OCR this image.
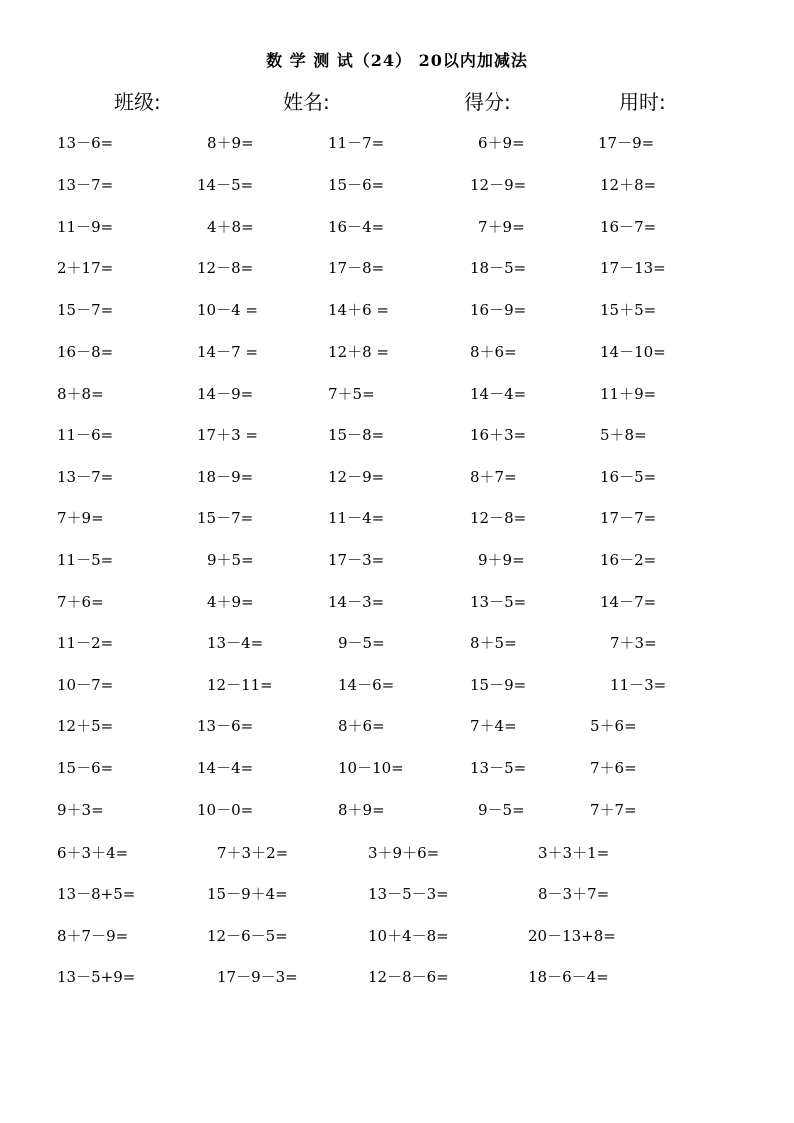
数 学 测 试（24） 20以内加减法
班级:	姓名:	得分:	用时:
13－6=	8＋9=	11－7=	6＋9=	17－9=
13－7=	14－5=	15－6=	12－9=	12＋8=
11－9=	4＋8=	16－4=	7＋9=	16－7=
2＋17=	12－8=	17－8=	18－5=	17－13=
15－7=	10－4 =	14＋6 =	16－9=	15＋5=
16－8=	14－7 =	12＋8 =	8＋6=	14－10=
8＋8=	14－9=	7＋5=	14－4=	11＋9=
11－6=	17＋3 =	15－8=	16＋3=	5＋8=
13－7=	18－9=	12－9=	8＋7=	16－5=
7＋9=	15－7=	11－4=	12－8=	17－7=
11－5=	9＋5=	17－3=	9＋9=	16－2=
7＋6=	4＋9=	14－3=	13－5=	14－7=
11－2=	13－4=	9－5=	8＋5=	7＋3=
10－7=	12－11=	14－6=	15－9=	11－3=
12＋5=	13－6=	8＋6=	7＋4=	5＋6=
15－6=	14－4=	10－10=	13－5=	7＋6=
9＋3=	10－0=	8＋9=	9－5=	7＋7=
6＋3＋4=	7＋3＋2=	3＋9＋6=	3＋3＋1=
13－8+5=	15－9＋4=	13－5－3=	8－3＋7=
8＋7－9=	12－6－5=	10＋4－8=	20－13+8=
13－5+9=	17－9－3=	12－8－6=	18－6－4=
